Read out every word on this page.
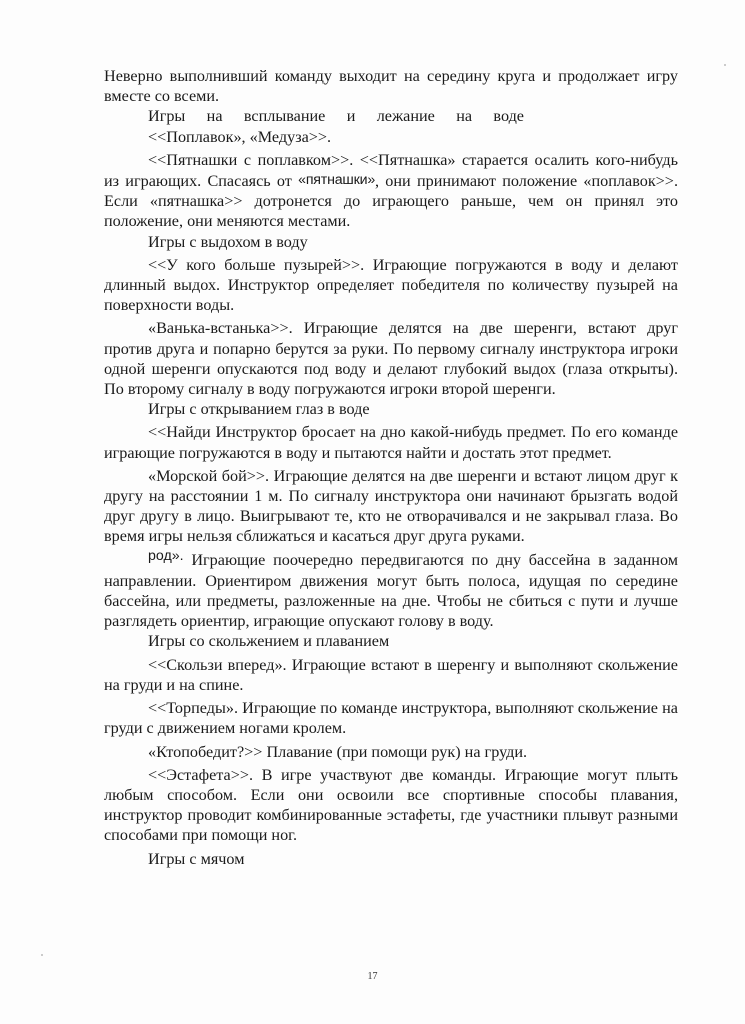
Неверно выполнивший команду выходит на середину круга и продолжает игру вместе со всеми.

Игры на всплывание и лежание на воде

<<Поплавок», «Медуза>>.

<<Пятнашки с поплавком>>. <<Пятнашка» старается осалить кого-нибудь из играющих. Спасаясь от «пятнашки», они принимают положение «поплавок>>. Если «пятнашка>> дотронется до играющего раньше, чем он принял это положение, они меняются местами.

Игры с выдохом в воду

<<У кого больше пузырей>>. Играющие погружаются в воду и делают длинный выдох. Инструктор определяет победителя по количеству пузырей на поверхности воды.

«Ванька-встанька>>. Играющие делятся на две шеренги, встают друг против друга и попарно берутся за руки. По первому сигналу инструктора игроки одной шеренги опускаются под воду и делают глубокий выдох (глаза открыты). По второму сигналу в воду погружаются игроки второй шеренги.

Игры с открыванием глаз в воде

<<Найди Инструктор бросает на дно какой-нибудь предмет. По его команде играющие погружаются в воду и пытаются найти и достать этот предмет.

«Морской бой>>. Играющие делятся на две шеренги и встают лицом друг к другу на расстоянии 1 м. По сигналу инструктора они начинают брызгать водой друг другу в лицо. Выигрывают те, кто не отворачивался и не закрывал глаза. Во время игры нельзя сближаться и касаться друг друга руками.

род». Играющие поочередно передвигаются по дну бассейна в заданном направлении. Ориентиром движения могут быть полоса, идущая по середине бассейна, или предметы, разложенные на дне. Чтобы не сбиться с пути и лучше разглядеть ориентир, играющие опускают голову в воду.

Игры со скольжением и плаванием

<<Скользи вперед». Играющие встают в шеренгу и выполняют скольжение на груди и на спине.

<<Торпеды». Играющие по команде инструктора, выполняют скольжение на груди с движением ногами кролем.

«Ктопобедит?>> Плавание (при помощи рук) на груди.

<<Эстафета>>. В игре участвуют две команды. Играющие могут плыть любым способом. Если они освоили все спортивные способы плавания, инструктор проводит комбинированные эстафеты, где участники плывут разными способами при помощи ног.

Игры с мячом

17
